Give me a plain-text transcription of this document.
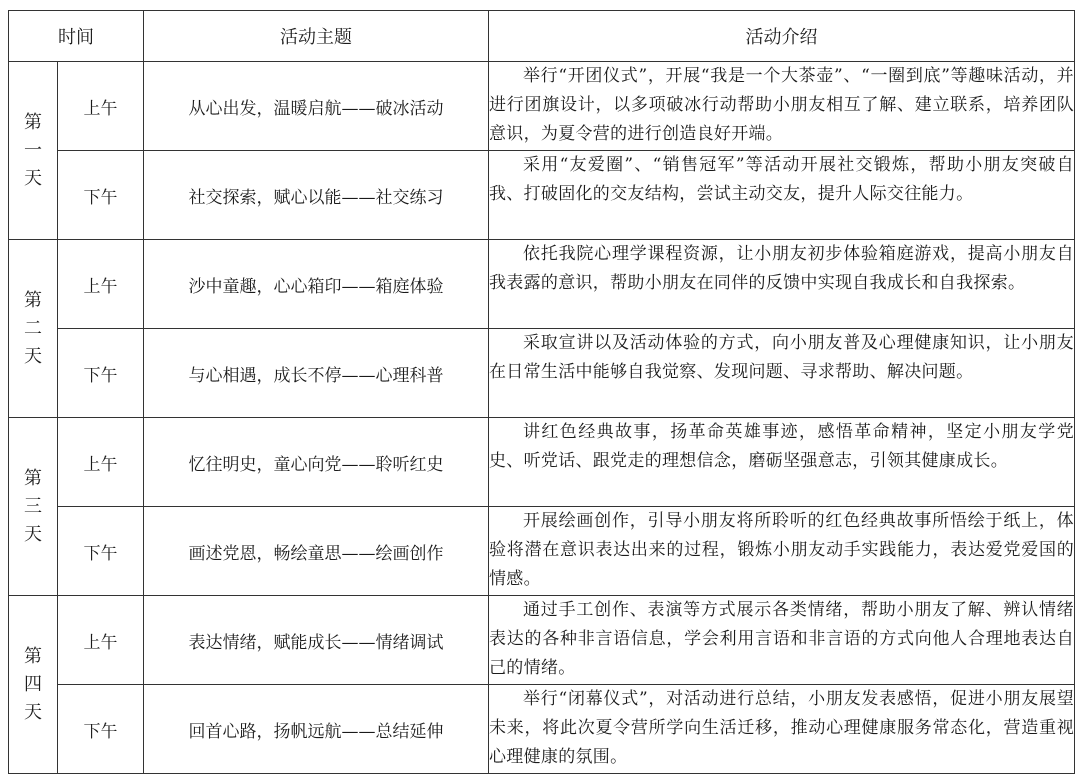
时间		活动主题	活动介绍

第
一
天	上午	从心出发，温暖启航——破冰活动	举行“开团仪式”，开展“我是一个大茶壶”、“一圈到底”等趣味活动，并进行团旗设计，以多项破冰行动帮助小朋友相互了解、建立联系，培养团队意识，为夏令营的进行创造良好开端。

	下午	社交探索，赋心以能——社交练习	采用“友爱圈”、“销售冠军”等活动开展社交锻炼，帮助小朋友突破自我、打破固化的交友结构，尝试主动交友，提升人际交往能力。

第
二
天	上午	沙中童趣，心心箱印——箱庭体验	依托我院心理学课程资源，让小朋友初步体验箱庭游戏，提高小朋友自我表露的意识，帮助小朋友在同伴的反馈中实现自我成长和自我探索。

	下午	与心相遇，成长不停——心理科普	采取宣讲以及活动体验的方式，向小朋友普及心理健康知识，让小朋友在日常生活中能够自我觉察、发现问题、寻求帮助、解决问题。

第
三
天	上午	忆往明史，童心向党——聆听红史	讲红色经典故事，扬革命英雄事迹，感悟革命精神，坚定小朋友学党史、听党话、跟党走的理想信念，磨砺坚强意志，引领其健康成长。

	下午	画述党恩，畅绘童思——绘画创作	开展绘画创作，引导小朋友将所聆听的红色经典故事所悟绘于纸上，体验将潜在意识表达出来的过程，锻炼小朋友动手实践能力，表达爱党爱国的情感。

第
四
天	上午	表达情绪，赋能成长——情绪调试	通过手工创作、表演等方式展示各类情绪，帮助小朋友了解、辨认情绪表达的各种非言语信息，学会利用言语和非言语的方式向他人合理地表达自己的情绪。

	下午	回首心路，扬帆远航——总结延伸	举行“闭幕仪式”，对活动进行总结，小朋友发表感悟，促进小朋友展望未来，将此次夏令营所学向生活迁移，推动心理健康服务常态化，营造重视心理健康的氛围。
